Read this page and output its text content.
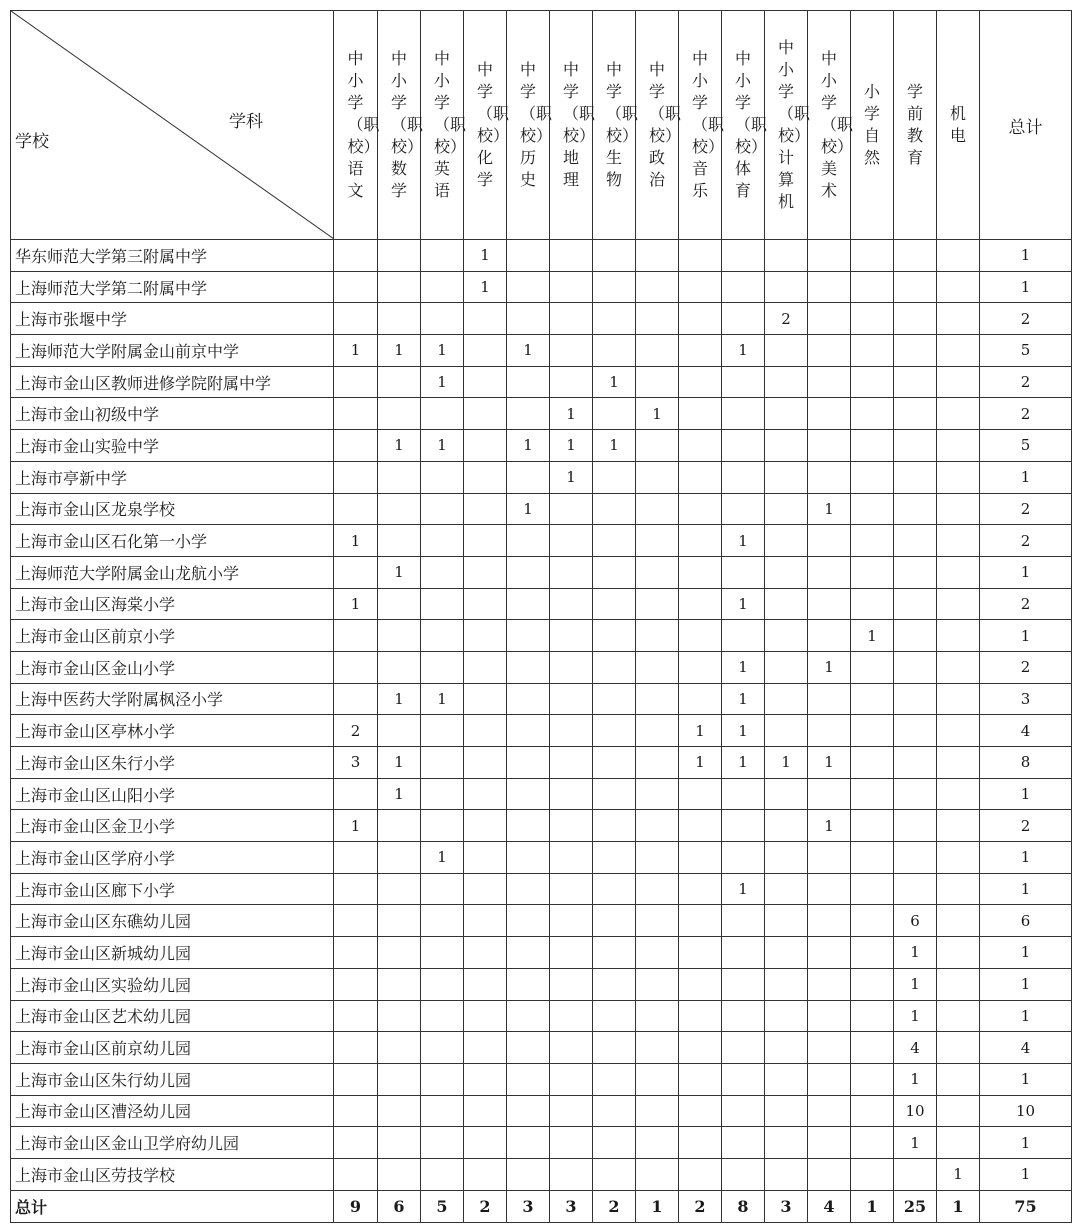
学科
学校	中小学（职校）语文	中小学（职校）数学	中小学（职校）英语	中学（职校）化学	中学（职校）历史	中学（职校）地理	中学（职校）生物	中学（职校）政治	中小学（职校）音乐	中小学（职校）体育	中小学（职校）计算机	中小学（职校）美术	小学自然	学前教育	机电	总计
华东师范大学第三附属中学				1												1
上海师范大学第二附属中学				1												1
上海市张堰中学											2					2
上海师范大学附属金山前京中学	1	1	1		1					1						5
上海市金山区教师进修学院附属中学			1				1									2
上海市金山初级中学						1		1								2
上海市金山实验中学		1	1		1	1	1									5
上海市亭新中学						1										1
上海市金山区龙泉学校					1							1				2
上海市金山区石化第一小学	1									1						2
上海师范大学附属金山龙航小学		1														1
上海市金山区海棠小学	1									1						2
上海市金山区前京小学													1			1
上海市金山区金山小学										1		1				2
上海中医药大学附属枫泾小学		1	1							1						3
上海市金山区亭林小学	2								1	1						4
上海市金山区朱行小学	3	1							1	1	1	1				8
上海市金山区山阳小学		1														1
上海市金山区金卫小学	1											1				2
上海市金山区学府小学			1													1
上海市金山区廊下小学										1						1
上海市金山区东礁幼儿园														6		6
上海市金山区新城幼儿园														1		1
上海市金山区实验幼儿园														1		1
上海市金山区艺术幼儿园														1		1
上海市金山区前京幼儿园														4		4
上海市金山区朱行幼儿园														1		1
上海市金山区漕泾幼儿园														10		10
上海市金山区金山卫学府幼儿园														1		1
上海市金山区劳技学校															1	1
总计	9	6	5	2	3	3	2	1	2	8	3	4	1	25	1	75
